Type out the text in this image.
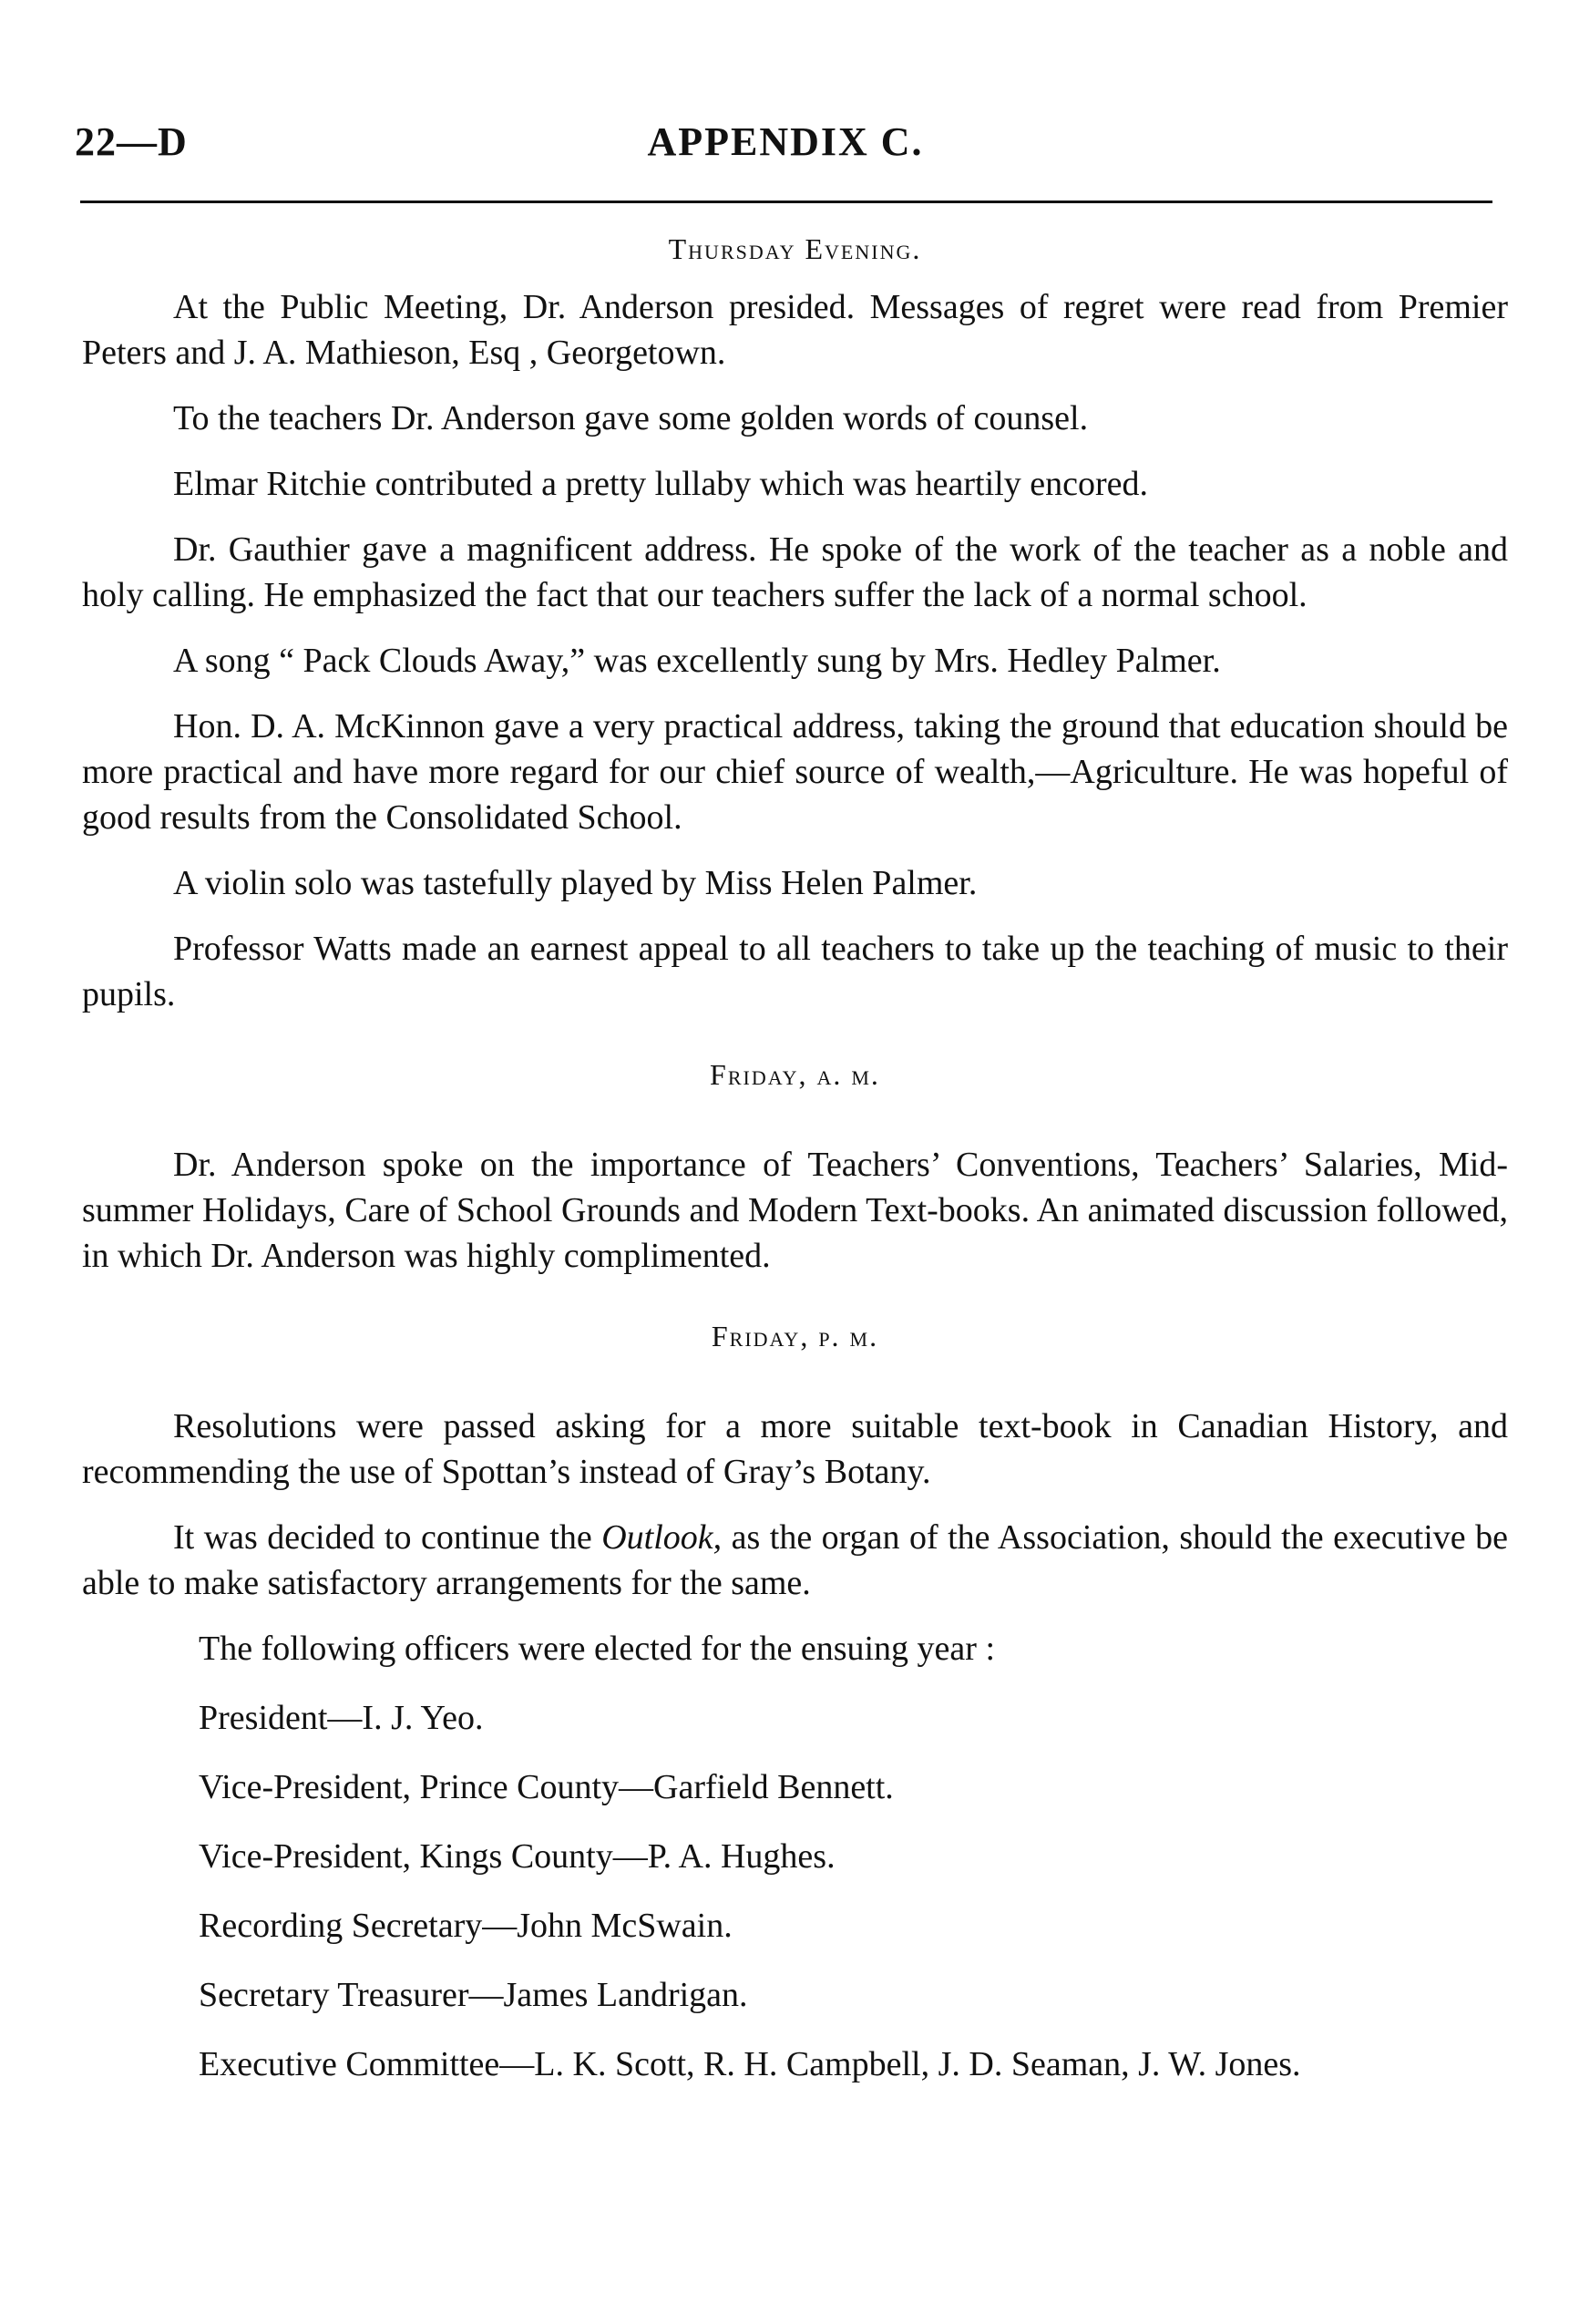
22—D	APPENDIX C.
Thursday Evening.

At the Public Meeting, Dr. Anderson presided. Messages of regret were read from Premier Peters and J. A. Mathieson, Esq , Georgetown.

To the teachers Dr. Anderson gave some golden words of counsel.

Elmar Ritchie contributed a pretty lullaby which was heartily encored.

Dr. Gauthier gave a magnificent address. He spoke of the work of the teacher as a noble and holy calling. He emphasized the fact that our teachers suffer the lack of a normal school.

A song “ Pack Clouds Away,” was excellently sung by Mrs. Hedley Palmer.

Hon. D. A. McKinnon gave a very practical address, taking the ground that education should be more practical and have more regard for our chief source of wealth,—Agriculture. He was hopeful of good results from the Consolidated School.

A violin solo was tastefully played by Miss Helen Palmer.

Professor Watts made an earnest appeal to all teachers to take up the teaching of music to their pupils.

Friday, a. m.

Dr. Anderson spoke on the importance of Teachers’ Conventions, Teachers’ Salaries, Mid-summer Holidays, Care of School Grounds and Modern Text-books. An animated discussion followed, in which Dr. Anderson was highly complimented.

Friday, p. m.

Resolutions were passed asking for a more suitable text-book in Canadian History, and recommending the use of Spottan’s instead of Gray’s Botany.

It was decided to continue the Outlook, as the organ of the Association, should the executive be able to make satisfactory arrangements for the same.

The following officers were elected for the ensuing year :

President—I. J. Yeo.

Vice-President, Prince County—Garfield Bennett.

Vice-President, Kings County—P. A. Hughes.

Recording Secretary—John McSwain.

Secretary Treasurer—James Landrigan.

Executive Committee—L. K. Scott, R. H. Campbell, J. D. Seaman, J. W. Jones.
